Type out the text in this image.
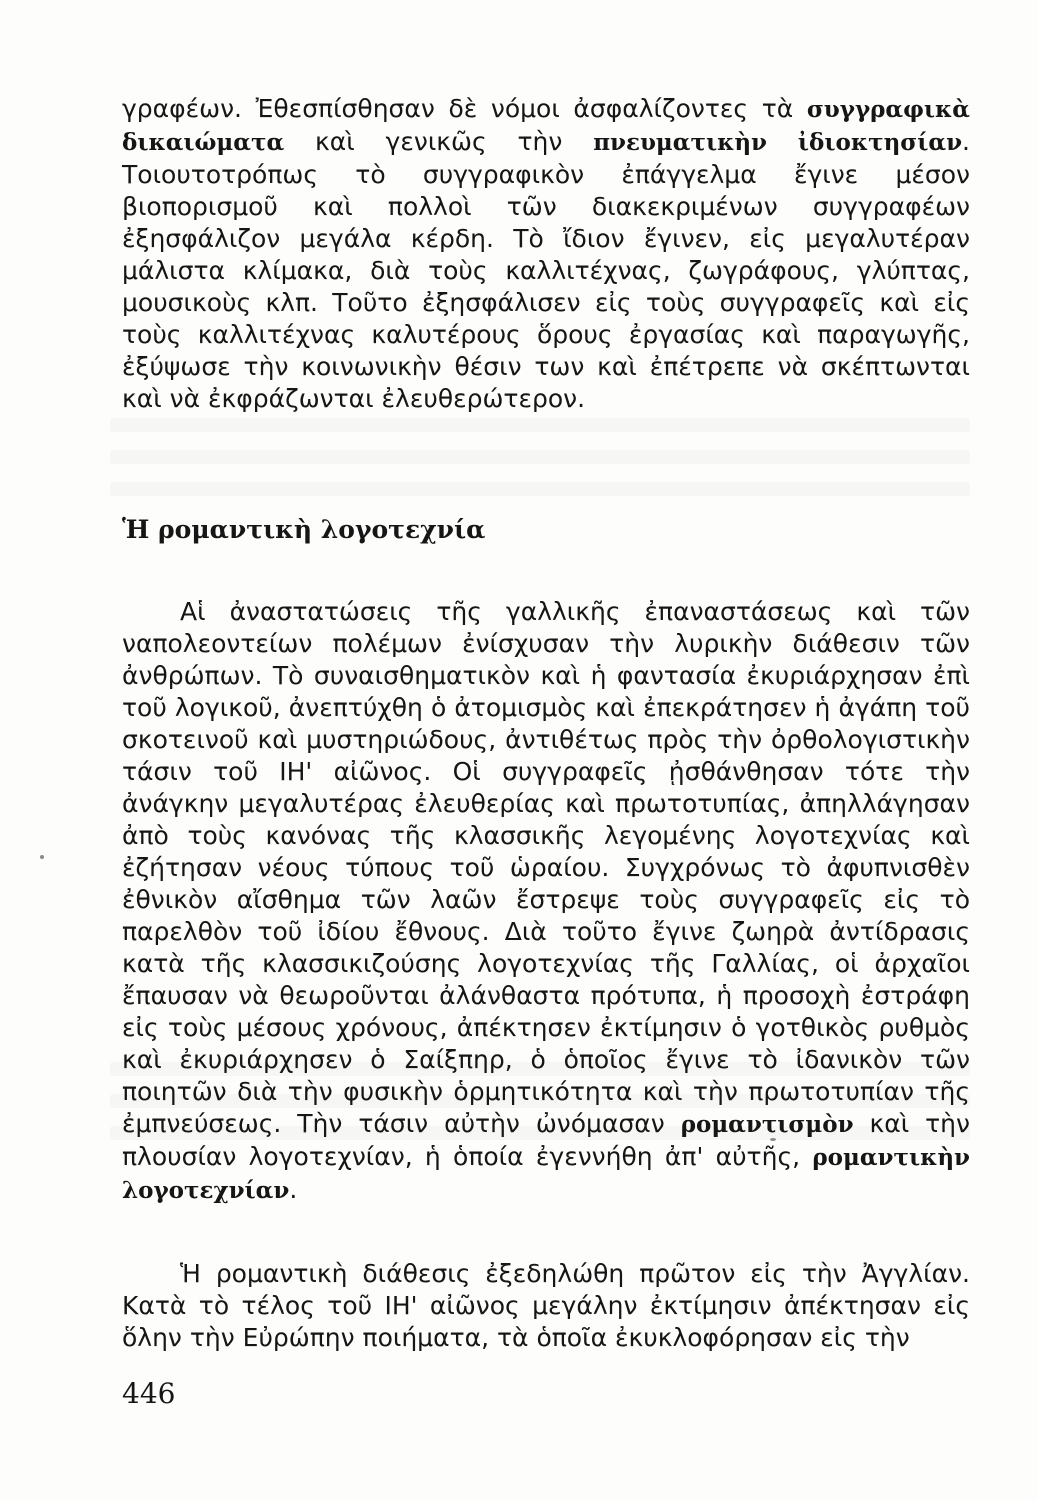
γραφέων. Ἐθεσπίσθησαν δὲ νόμοι ἀσφαλίζοντες τὰ συγγραφικὰ δικαιώματα καὶ γενικῶς τὴν πνευματικὴν ἰδιοκτησίαν. Τοιουτοτρόπως τὸ συγγραφικὸν ἐπάγγελμα ἔγινε μέσον βιοπορισμοῦ καὶ πολλοὶ τῶν διακεκριμένων συγγραφέων ἐξησφάλιζον μεγάλα κέρδη. Τὸ ἴδιον ἔγινεν, εἰς μεγαλυτέραν μάλιστα κλίμακα, διὰ τοὺς καλλιτέχνας, ζωγράφους, γλύπτας, μουσικοὺς κλπ. Τοῦτο ἐξησφάλισεν εἰς τοὺς συγγραφεῖς καὶ εἰς τοὺς καλλιτέχνας καλυτέρους ὅρους ἐργασίας καὶ παραγωγῆς, ἐξύψωσε τὴν κοινωνικὴν θέσιν των καὶ ἐπέτρεπε νὰ σκέπτωνται καὶ νὰ ἐκφράζωνται ἐλευθερώτερον.

Ἡ ρομαντικὴ λογοτεχνία

Αἱ ἀναστατώσεις τῆς γαλλικῆς ἐπαναστάσεως καὶ τῶν ναπολεοντείων πολέμων ἐνίσχυσαν τὴν λυρικὴν διάθεσιν τῶν ἀνθρώπων. Τὸ συναισθηματικὸν καὶ ἡ φαντασία ἐκυριάρχησαν ἐπὶ τοῦ λογικοῦ, ἀνεπτύχθη ὁ ἀτομισμὸς καὶ ἐπεκράτησεν ἡ ἀγάπη τοῦ σκοτεινοῦ καὶ μυστηριώδους, ἀντιθέτως πρὸς τὴν ὀρθολογιστικὴν τάσιν τοῦ ΙΗ' αἰῶνος. Οἱ συγγραφεῖς ᾐσθάνθησαν τότε τὴν ἀνάγκην μεγαλυτέρας ἐλευθερίας καὶ πρωτοτυπίας, ἀπηλλάγησαν ἀπὸ τοὺς κανόνας τῆς κλασσικῆς λεγομένης λογοτεχνίας καὶ ἐζήτησαν νέους τύπους τοῦ ὡραίου. Συγχρόνως τὸ ἀφυπνισθὲν ἐθνικὸν αἴσθημα τῶν λαῶν ἔστρεψε τοὺς συγγραφεῖς εἰς τὸ παρελθὸν τοῦ ἰδίου ἔθνους. Διὰ τοῦτο ἔγινε ζωηρὰ ἀντίδρασις κατὰ τῆς κλασσικιζούσης λογοτεχνίας τῆς Γαλλίας, οἱ ἀρχαῖοι ἔπαυσαν νὰ θεωροῦνται ἀλάνθαστα πρότυπα, ἡ προσοχὴ ἐστράφη εἰς τοὺς μέσους χρόνους, ἀπέκτησεν ἐκτίμησιν ὁ γοτθικὸς ρυθμὸς καὶ ἐκυριάρχησεν ὁ Σαίξπηρ, ὁ ὁποῖος ἔγινε τὸ ἰδανικὸν τῶν ποιητῶν διὰ τὴν φυσικὴν ὁρμητικότητα καὶ τὴν πρωτοτυπίαν τῆς ἐμπνεύσεως. Τὴν τάσιν αὐτὴν ὠνόμασαν ρομαντισμὸν καὶ τὴν πλουσίαν λογοτεχνίαν, ἡ ὁποία ἐγεννήθη ἀπ' αὐτῆς, ρομαντικὴν λογοτεχνίαν.

Ἡ ρομαντικὴ διάθεσις ἐξεδηλώθη πρῶτον εἰς τὴν Ἀγγλίαν. Κατὰ τὸ τέλος τοῦ ΙΗ' αἰῶνος μεγάλην ἐκτίμησιν ἀπέκτησαν εἰς ὅλην τὴν Εὐρώπην ποιήματα, τὰ ὁποῖα ἐκυκλοφόρησαν εἰς τὴν

446
